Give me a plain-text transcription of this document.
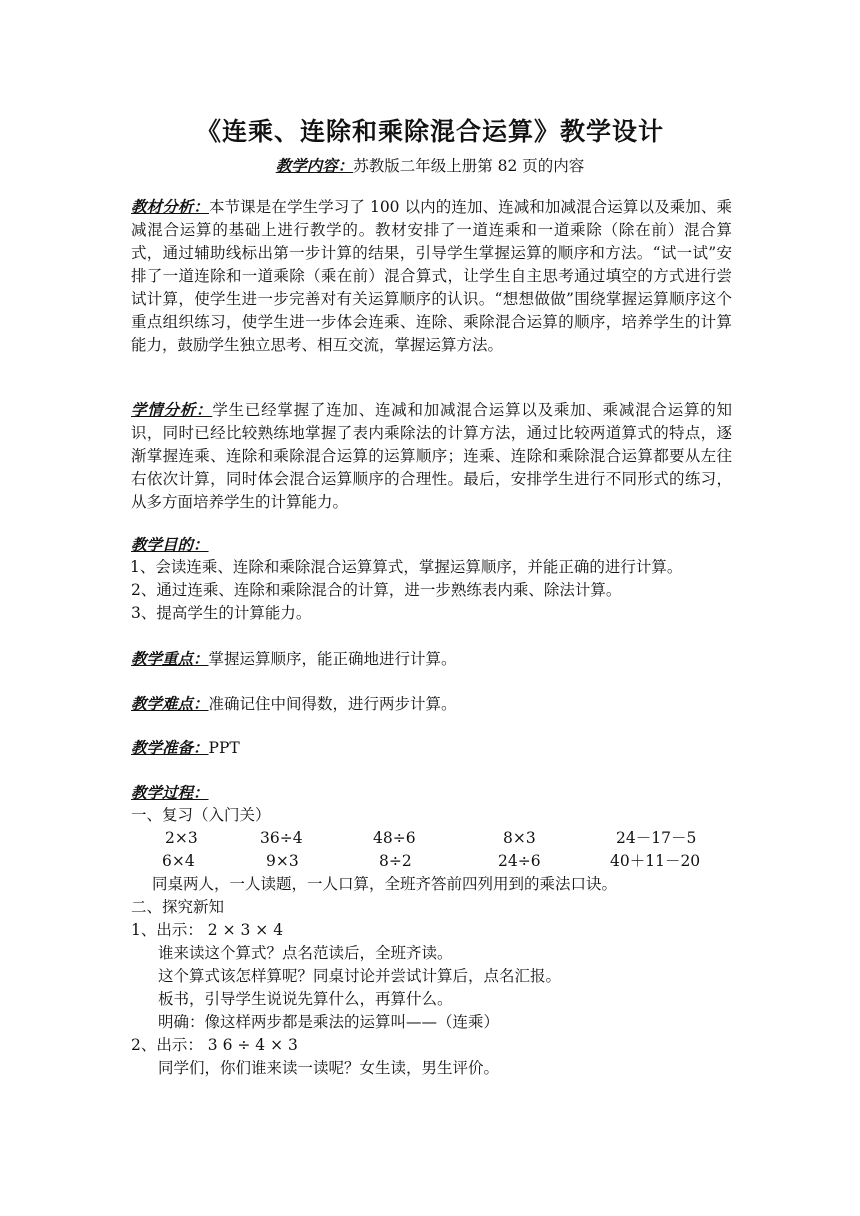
《连乘、连除和乘除混合运算》教学设计
教学内容：苏教版二年级上册第 82 页的内容
教材分析：本节课是在学生学习了 100 以内的连加、连减和加减混合运算以及乘加、乘减混合运算的基础上进行教学的。教材安排了一道连乘和一道乘除（除在前）混合算式，通过辅助线标出第一步计算的结果，引导学生掌握运算的顺序和方法。“试一试”安排了一道连除和一道乘除（乘在前）混合算式，让学生自主思考通过填空的方式进行尝试计算，使学生进一步完善对有关运算顺序的认识。“想想做做”围绕掌握运算顺序这个重点组织练习，使学生进一步体会连乘、连除、乘除混合运算的顺序，培养学生的计算能力，鼓励学生独立思考、相互交流，掌握运算方法。
学情分析：学生已经掌握了连加、连减和加减混合运算以及乘加、乘减混合运算的知识，同时已经比较熟练地掌握了表内乘除法的计算方法，通过比较两道算式的特点，逐渐掌握连乘、连除和乘除混合运算的运算顺序；连乘、连除和乘除混合运算都要从左往右依次计算，同时体会混合运算顺序的合理性。最后，安排学生进行不同形式的练习，从多方面培养学生的计算能力。
教学目的：
1、会读连乘、连除和乘除混合运算算式，掌握运算顺序，并能正确的进行计算。
2、通过连乘、连除和乘除混合的计算，进一步熟练表内乘、除法计算。
3、提高学生的计算能力。
教学重点：掌握运算顺序，能正确地进行计算。
教学难点：准确记住中间得数，进行两步计算。
教学准备：PPT
教学过程：
一、复习（入门关）
2×3	36÷4	48÷6	8×3	24－17－5
6×4	9×3	8÷2	24÷6	40＋11－20
同桌两人，一人读题，一人口算，全班齐答前四列用到的乘法口诀。
二、探究新知
1、出示： 2 × 3 × 4
谁来读这个算式？点名范读后，全班齐读。
这个算式该怎样算呢？同桌讨论并尝试计算后，点名汇报。
板书，引导学生说说先算什么，再算什么。
明确：像这样两步都是乘法的运算叫——（连乘）
2、出示： 3 6 ÷ 4 × 3
同学们，你们谁来读一读呢？女生读，男生评价。
